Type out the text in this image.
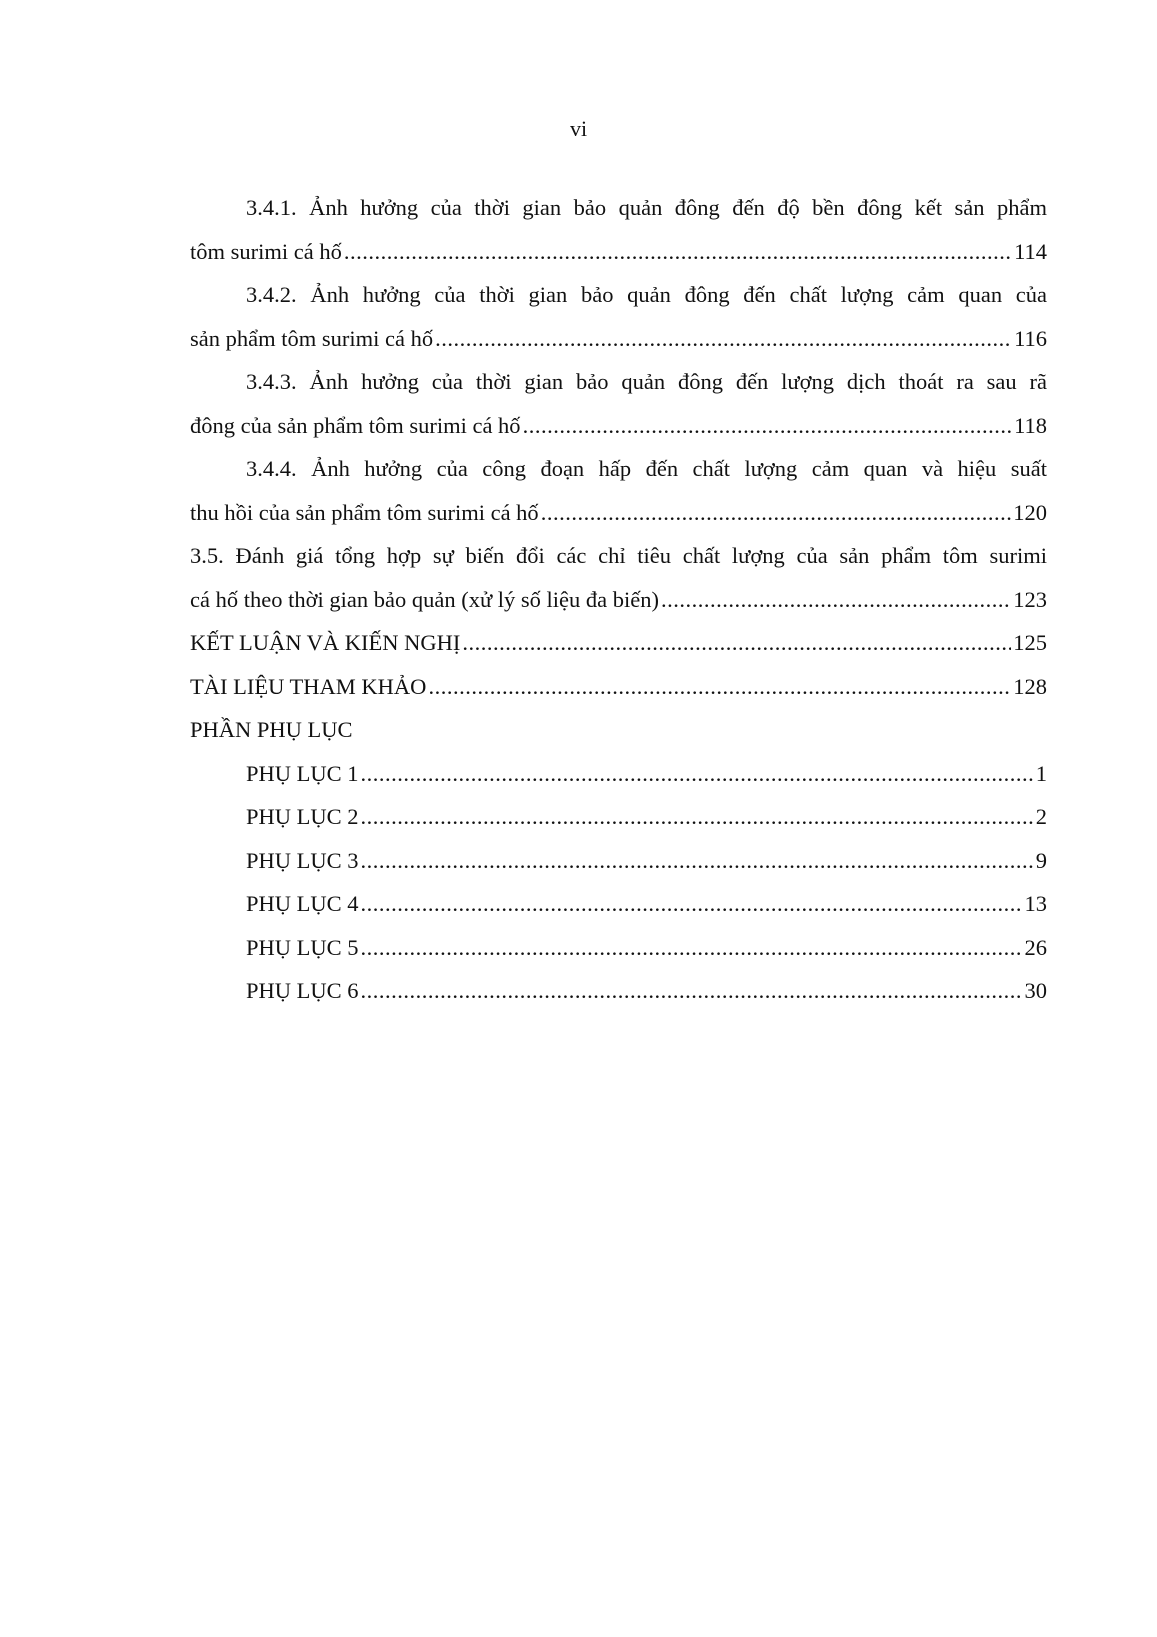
vi
3.4.1. Ảnh hưởng của thời gian bảo quản đông đến độ bền đông kết sản phẩm
tôm surimi cá hố .....	114
3.4.2. Ảnh hưởng của thời gian bảo quản đông đến chất lượng cảm quan của
sản phẩm tôm surimi cá hố .....	116
3.4.3. Ảnh hưởng của thời gian bảo quản đông đến lượng dịch thoát ra sau rã
đông của sản phẩm tôm surimi cá hố .....	118
3.4.4. Ảnh hưởng của công đoạn hấp đến chất lượng cảm quan và hiệu suất
thu hồi của sản phẩm tôm surimi cá hố .....	120
3.5. Đánh giá tổng hợp sự biến đổi các chỉ tiêu chất lượng của sản phẩm tôm surimi
cá hố theo thời gian bảo quản (xử lý số liệu đa biến) .....	123
KẾT LUẬN VÀ KIẾN NGHỊ .....	125
TÀI LIỆU THAM KHẢO .....	128
PHẦN PHỤ LỤC
PHỤ LỤC 1 .....	1
PHỤ LỤC 2 .....	2
PHỤ LỤC 3 .....	9
PHỤ LỤC 4 .....	13
PHỤ LỤC 5 .....	26
PHỤ LỤC 6 .....	30
